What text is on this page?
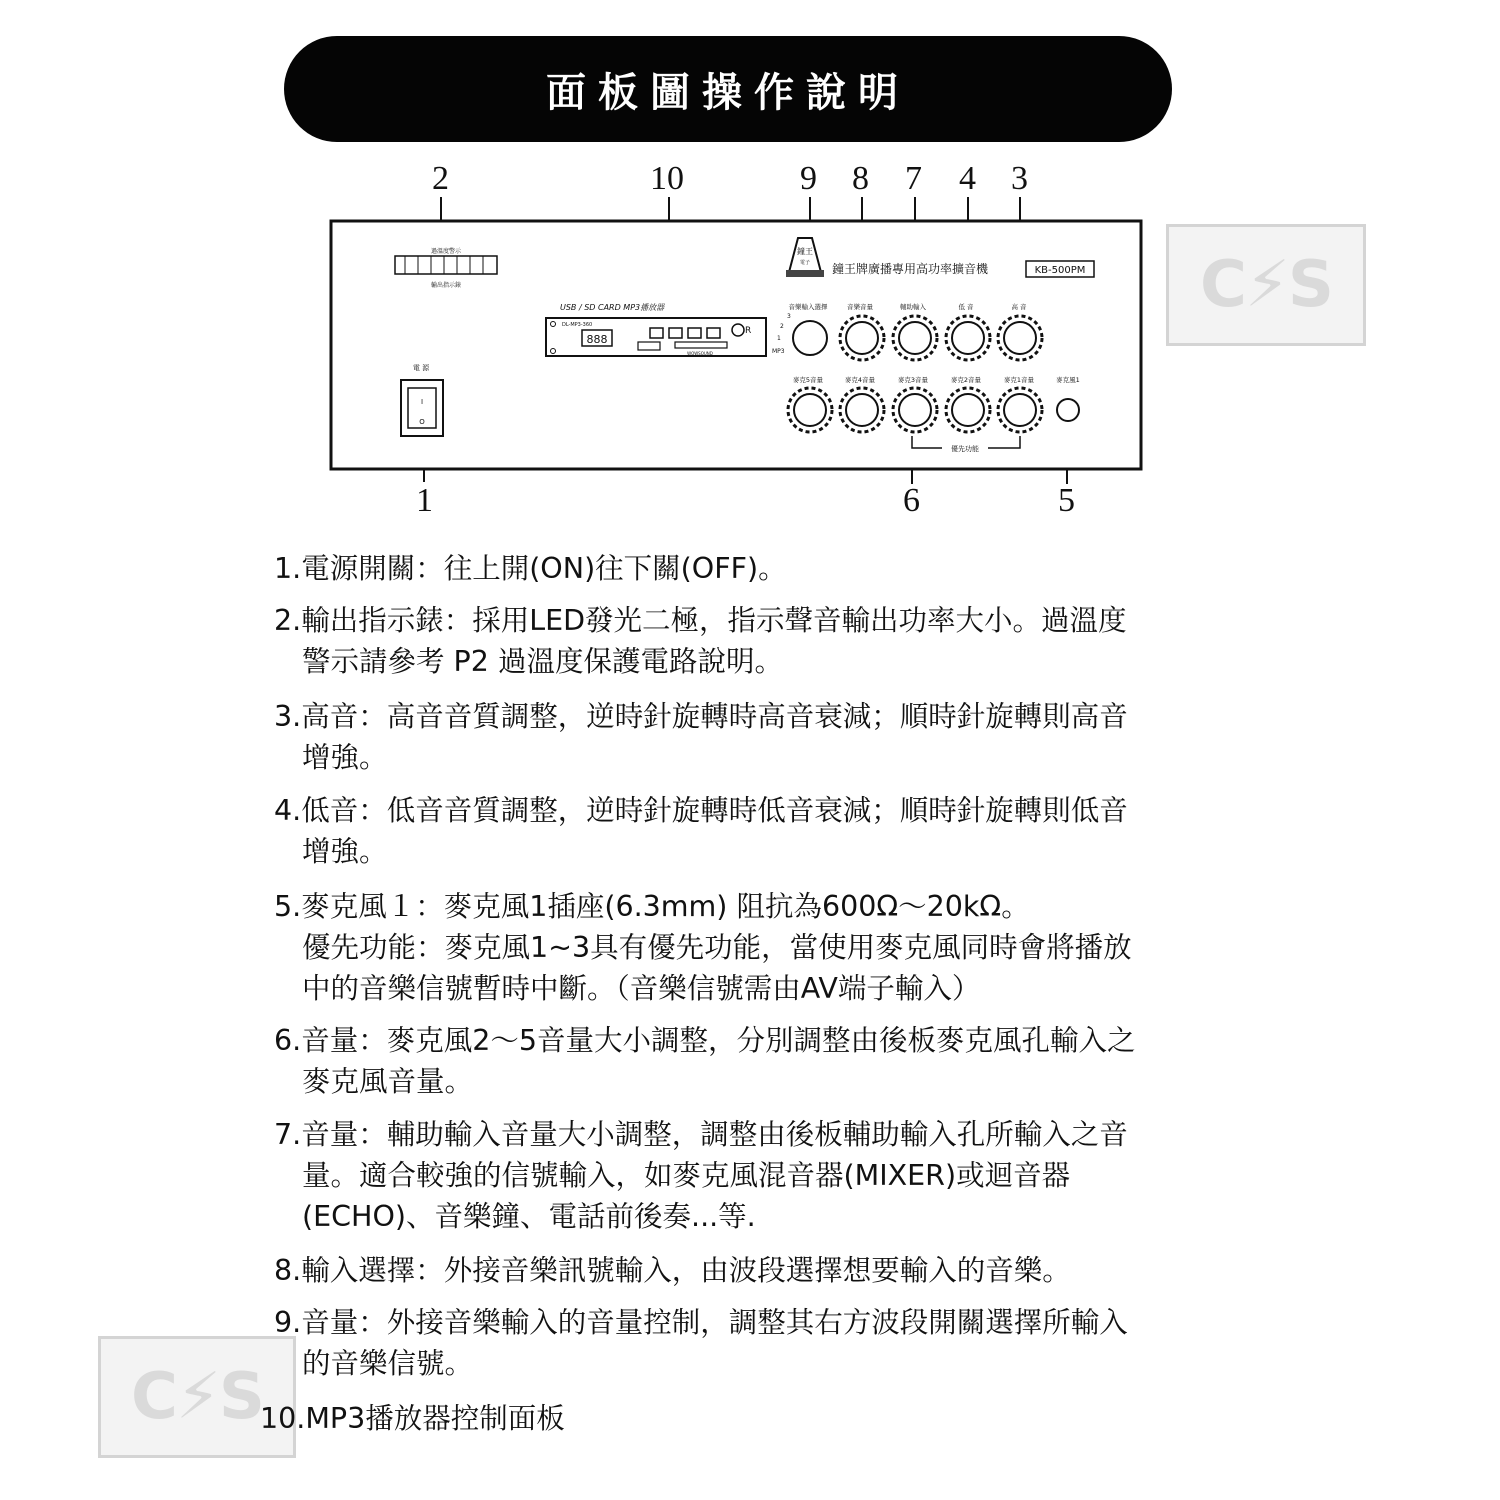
面板圖操作說明
2	10	9 8 7 4 3
1	6	5
過溫度警示
輸出指示錶
電 源
I
O
USB / SD CARD MP3播放器
DL-MP3-360
888
R
WOWSOUND
鐘王
電子 鐘王牌廣播專用高功率擴音機	KB-500PM
音樂輸入選擇	音樂音量	輔助輸入	低 音	高 音
3
2
1
MP3
麥克5音量	麥克4音量	麥克3音量	麥克2音量	麥克1音量	麥克風1
優先功能
C⚡S
C⚡S
1.電源開關：往上開(ON)往下關(OFF)。
2.輸出指示錶：採用LED發光二極，指示聲音輸出功率大小。過溫度
警示請參考 P2 過溫度保護電路說明。
3.高音：高音音質調整，逆時針旋轉時高音衰減；順時針旋轉則高音
增強。
4.低音：低音音質調整，逆時針旋轉時低音衰減；順時針旋轉則低音
增強。
5.麥克風１：麥克風1插座(6.3mm) 阻抗為600Ω～20kΩ。
優先功能：麥克風1~3具有優先功能，當使用麥克風同時會將播放
中的音樂信號暫時中斷。（音樂信號需由AV端子輸入）
6.音量：麥克風2～5音量大小調整，分別調整由後板麥克風孔輸入之
麥克風音量。
7.音量：輔助輸入音量大小調整，調整由後板輔助輸入孔所輸入之音
量。適合較強的信號輸入，如麥克風混音器(MIXER)或迴音器
(ECHO)、音樂鐘、電話前後奏...等.
8.輸入選擇：外接音樂訊號輸入，由波段選擇想要輸入的音樂。
9.音量：外接音樂輸入的音量控制，調整其右方波段開關選擇所輸入
的音樂信號。
10.MP3播放器控制面板
